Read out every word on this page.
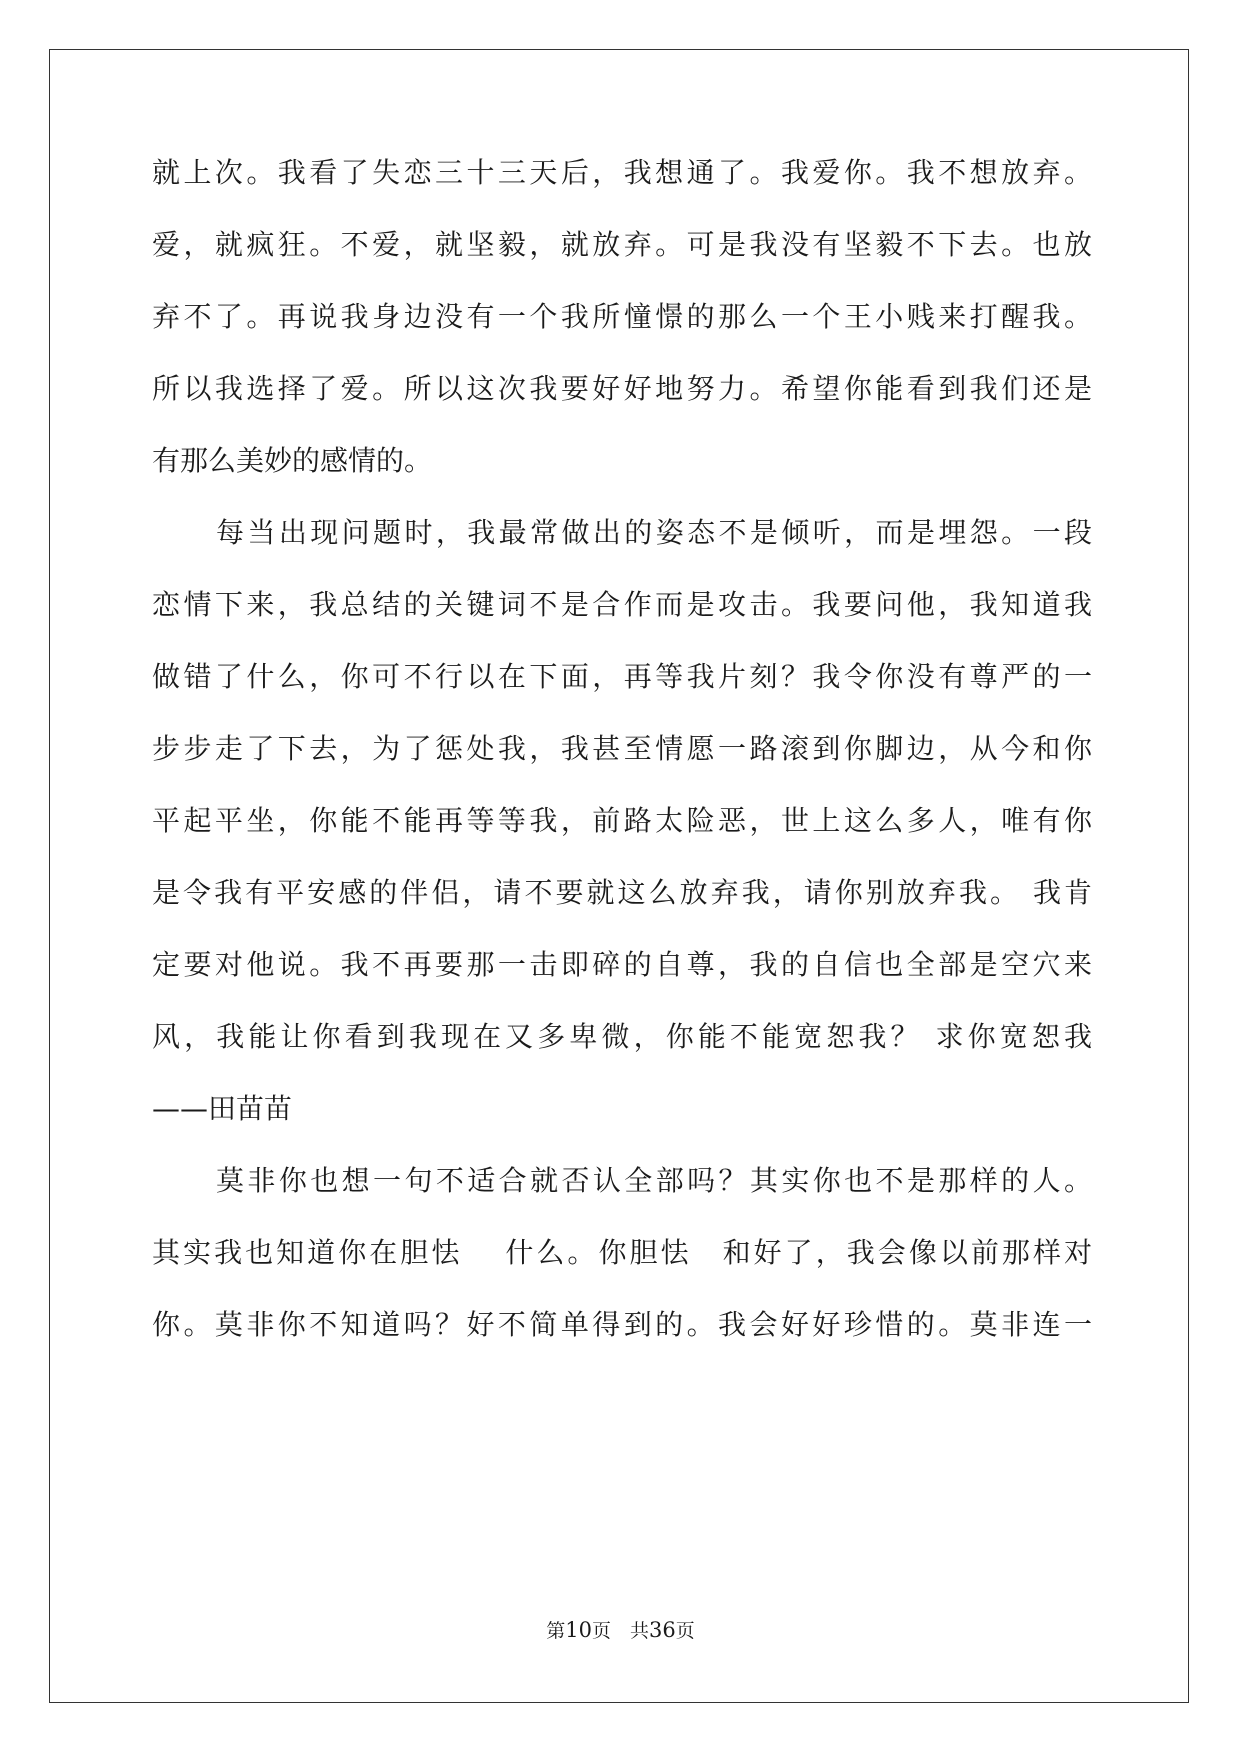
就上次。我看了失恋三十三天后，我想通了。我爱你。我不想放弃。
爱，就疯狂。不爱，就坚毅，就放弃。可是我没有坚毅不下去。也放
弃不了。再说我身边没有一个我所憧憬的那么一个王小贱来打醒我。
所以我选择了爱。所以这次我要好好地努力。希望你能看到我们还是
有那么美妙的感情的。
每当出现问题时，我最常做出的姿态不是倾听，而是埋怨。一段
恋情下来，我总结的关键词不是合作而是攻击。我要问他，我知道我
做错了什么，你可不行以在下面，再等我片刻？我令你没有尊严的一
步步走了下去，为了惩处我，我甚至情愿一路滚到你脚边，从今和你
平起平坐，你能不能再等等我，前路太险恶，世上这么多人，唯有你
是令我有平安感的伴侣，请不要就这么放弃我，请你别放弃我。 我肯
定要对他说。我不再要那一击即碎的自尊，我的自信也全部是空穴来
风，我能让你看到我现在又多卑微，你能不能宽恕我？ 求你宽恕我
——田苗苗
莫非你也想一句不适合就否认全部吗？其实你也不是那样的人。
其实我也知道你在胆怯　 什么。你胆怯　和好了，我会像以前那样对
你。莫非你不知道吗？好不简单得到的。我会好好珍惜的。莫非连一
第10页　共36页
